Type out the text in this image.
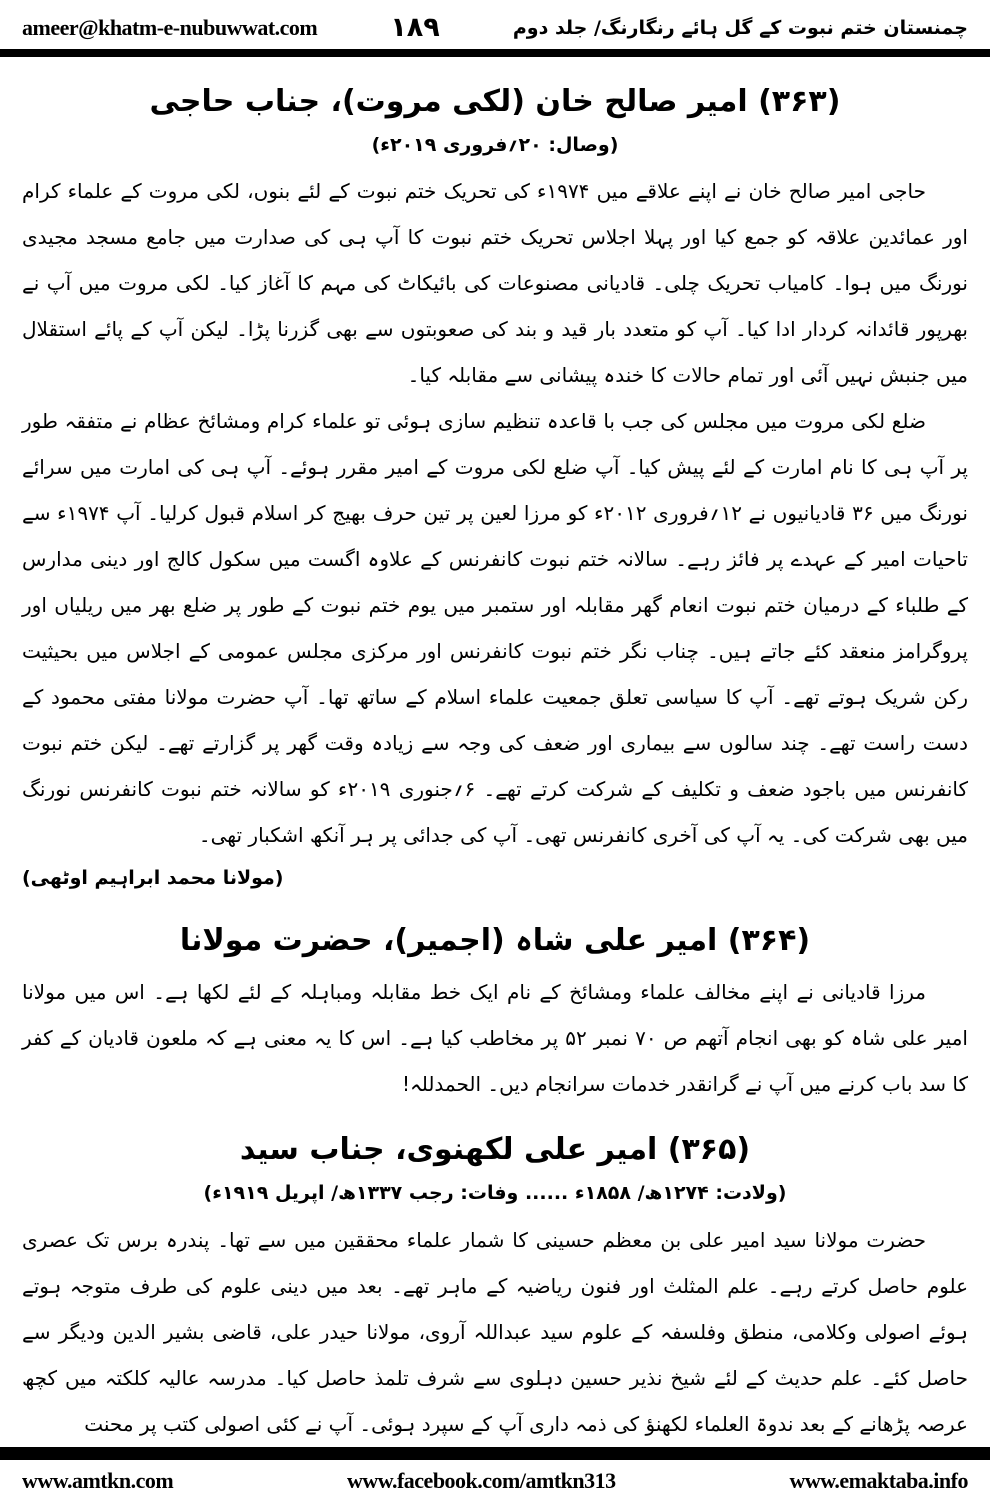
ameer@khatm-e-nubuwwat.com	۱۸۹	چمنستان ختم نبوت کے گل ہائے رنگارنگ/ جلد دوم
(۳۶۳) امیر صالح خان (لکی مروت)، جناب حاجی
(وصال: ۲۰؍فروری ۲۰۱۹ء)

حاجی امیر صالح خان نے اپنے علاقے میں ۱۹۷۴ء کی تحریک ختم نبوت کے لئے بنوں، لکی مروت کے علماء کرام اور عمائدین علاقہ کو جمع کیا اور پہلا اجلاس تحریک ختم نبوت کا آپ ہی کی صدارت میں جامع مسجد مجیدی نورنگ میں ہوا۔ کامیاب تحریک چلی۔ قادیانی مصنوعات کی بائیکاٹ کی مہم کا آغاز کیا۔ لکی مروت میں آپ نے بھرپور قائدانہ کردار ادا کیا۔ آپ کو متعدد بار قید و بند کی صعوبتوں سے بھی گزرنا پڑا۔ لیکن آپ کے پائے استقلال میں جنبش نہیں آئی اور تمام حالات کا خندہ پیشانی سے مقابلہ کیا۔

ضلع لکی مروت میں مجلس کی جب با قاعدہ تنظیم سازی ہوئی تو علماء کرام ومشائخ عظام نے متفقہ طور پر آپ ہی کا نام امارت کے لئے پیش کیا۔ آپ ضلع لکی مروت کے امیر مقرر ہوئے۔ آپ ہی کی امارت میں سرائے نورنگ میں ۳۶ قادیانیوں نے ۱۲؍فروری ۲۰۱۲ء کو مرزا لعین پر تین حرف بھیج کر اسلام قبول کرلیا۔ آپ ۱۹۷۴ء سے تاحیات امیر کے عہدے پر فائز رہے۔ سالانہ ختم نبوت کانفرنس کے علاوہ اگست میں سکول کالج اور دینی مدارس کے طلباء کے درمیان ختم نبوت انعام گھر مقابلہ اور ستمبر میں یوم ختم نبوت کے طور پر ضلع بھر میں ریلیاں اور پروگرامز منعقد کئے جاتے ہیں۔ چناب نگر ختم نبوت کانفرنس اور مرکزی مجلس عمومی کے اجلاس میں بحیثیت رکن شریک ہوتے تھے۔ آپ کا سیاسی تعلق جمعیت علماء اسلام کے ساتھ تھا۔ آپ حضرت مولانا مفتی محمود کے دست راست تھے۔ چند سالوں سے بیماری اور ضعف کی وجہ سے زیادہ وقت گھر پر گزارتے تھے۔ لیکن ختم نبوت کانفرنس میں باجود ضعف و تکلیف کے شرکت کرتے تھے۔ ۶؍جنوری ۲۰۱۹ء کو سالانہ ختم نبوت کانفرنس نورنگ میں بھی شرکت کی۔ یہ آپ کی آخری کانفرنس تھی۔ آپ کی جدائی پر ہر آنکھ اشکبار تھی۔

(مولانا محمد ابراہیم اوٹھی)
(۳۶۴) امیر علی شاہ (اجمیر)، حضرت مولانا

مرزا قادیانی نے اپنے مخالف علماء ومشائخ کے نام ایک خط مقابلہ ومباہلہ کے لئے لکھا ہے۔ اس میں مولانا امیر علی شاہ کو بھی انجام آتھم ص ۷۰ نمبر ۵۲ پر مخاطب کیا ہے۔ اس کا یہ معنی ہے کہ ملعون قادیان کے کفر کا سد باب کرنے میں آپ نے گرانقدر خدمات سرانجام دیں۔ الحمدللہ!

(۳۶۵) امیر علی لکھنوی، جناب سید
(ولادت: ۱۲۷۴ھ/ ۱۸۵۸ء ...... وفات: رجب ۱۳۳۷ھ/ اپریل ۱۹۱۹ء)

حضرت مولانا سید امیر علی بن معظم حسینی کا شمار علماء محققین میں سے تھا۔ پندرہ برس تک عصری علوم حاصل کرتے رہے۔ علم المثلث اور فنون ریاضیہ کے ماہر تھے۔ بعد میں دینی علوم کی طرف متوجہ ہوتے ہوئے اصولی وکلامی، منطق وفلسفہ کے علوم سید عبداللہ آروی، مولانا حیدر علی، قاضی بشیر الدین ودیگر سے حاصل کئے۔ علم حدیث کے لئے شیخ نذیر حسین دہلوی سے شرف تلمذ حاصل کیا۔ مدرسہ عالیہ کلکتہ میں کچھ عرصہ پڑھانے کے بعد ندوۃ العلماء لکھنؤ کی ذمہ داری آپ کے سپرد ہوئی۔ آپ نے کئی اصولی کتب پر محنت

www.amtkn.com	www.facebook.com/amtkn313	www.emaktaba.info
